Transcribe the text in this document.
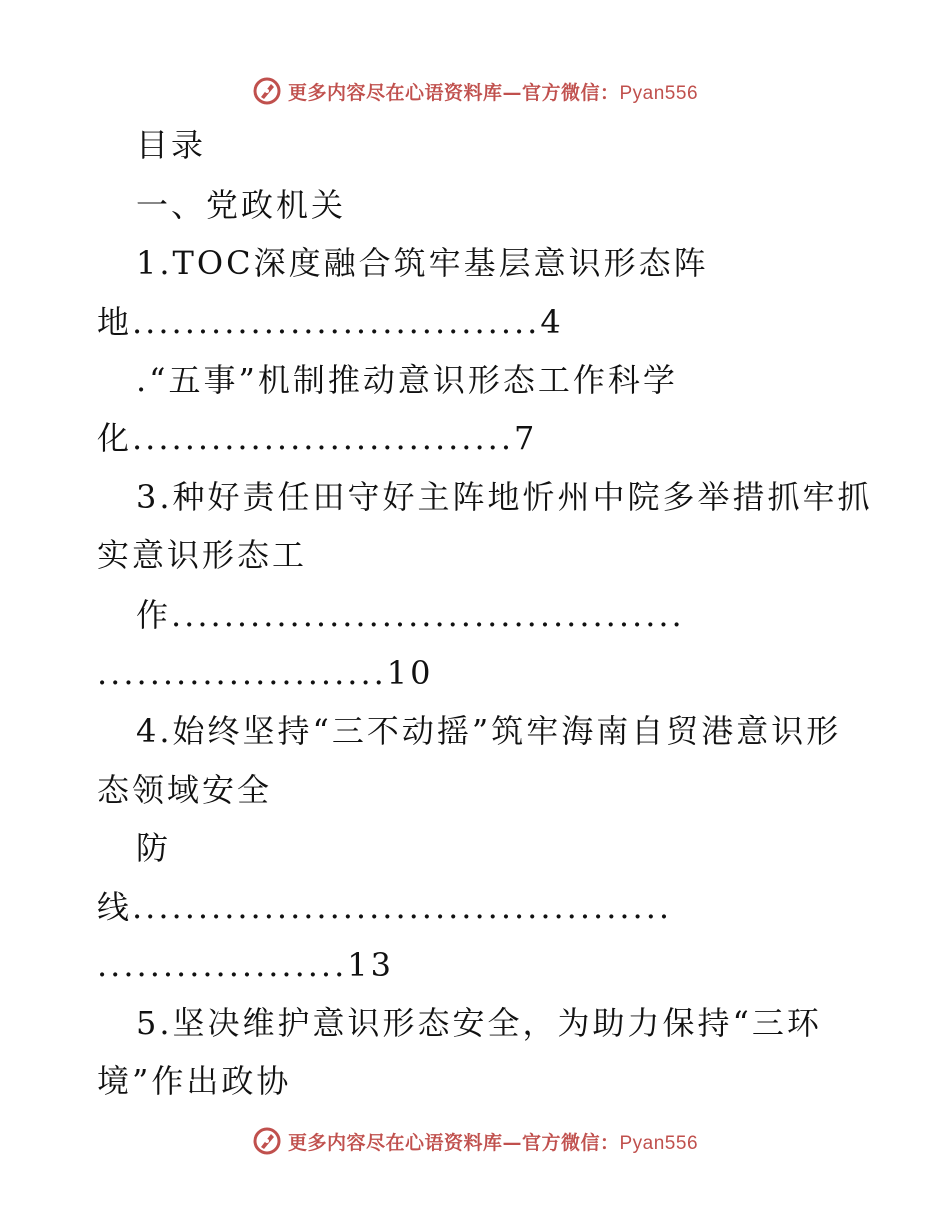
更多内容尽在心语资料库—官方微信：Pyan556
目录
一、党政机关
1.TOC深度融合筑牢基层意识形态阵
地...............................4
.“五事”机制推动意识形态工作科学
化.............................7
3.种好责任田守好主阵地忻州中院多举措抓牢抓
实意识形态工
作.......................................
......................10
4.始终坚持“三不动摇”筑牢海南自贸港意识形
态领域安全
防
线.........................................
...................13
5.坚决维护意识形态安全，为助力保持“三环
境”作出政协
更多内容尽在心语资料库—官方微信：Pyan556
